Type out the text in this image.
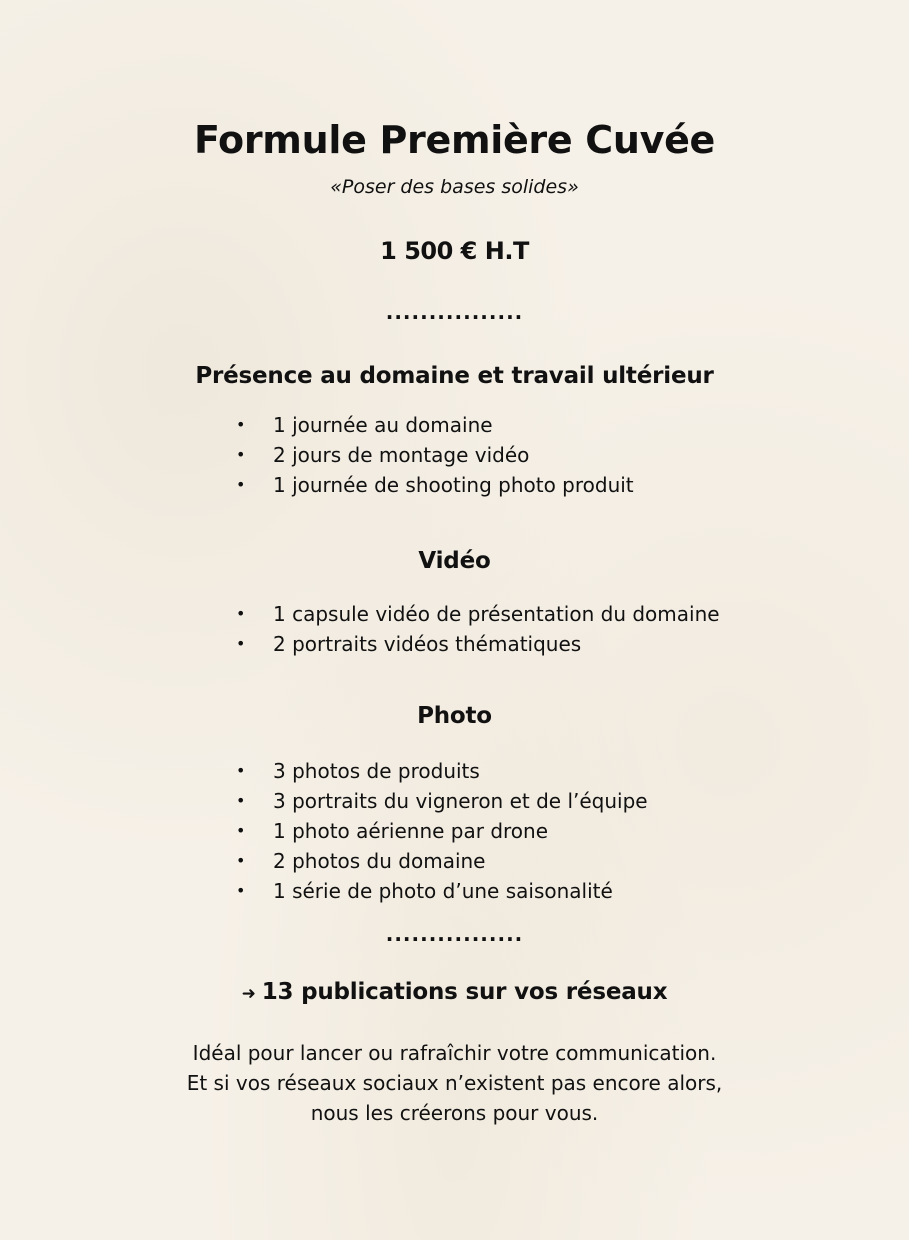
Formule Première Cuvée
«Poser des bases solides»
1 500 € H.T
................
Présence au domaine et travail ultérieur
• 1 journée au domaine
• 2 jours de montage vidéo
• 1 journée de shooting photo produit
Vidéo
• 1 capsule vidéo de présentation du domaine
• 2 portraits vidéos thématiques
Photo
• 3 photos de produits
• 3 portraits du vigneron et de l’équipe
• 1 photo aérienne par drone
• 2 photos du domaine
• 1 série de photo d’une saisonalité
................
➜ 13 publications sur vos réseaux
Idéal pour lancer ou rafraîchir votre communication.
Et si vos réseaux sociaux n’existent pas encore alors,
nous les créerons pour vous.
